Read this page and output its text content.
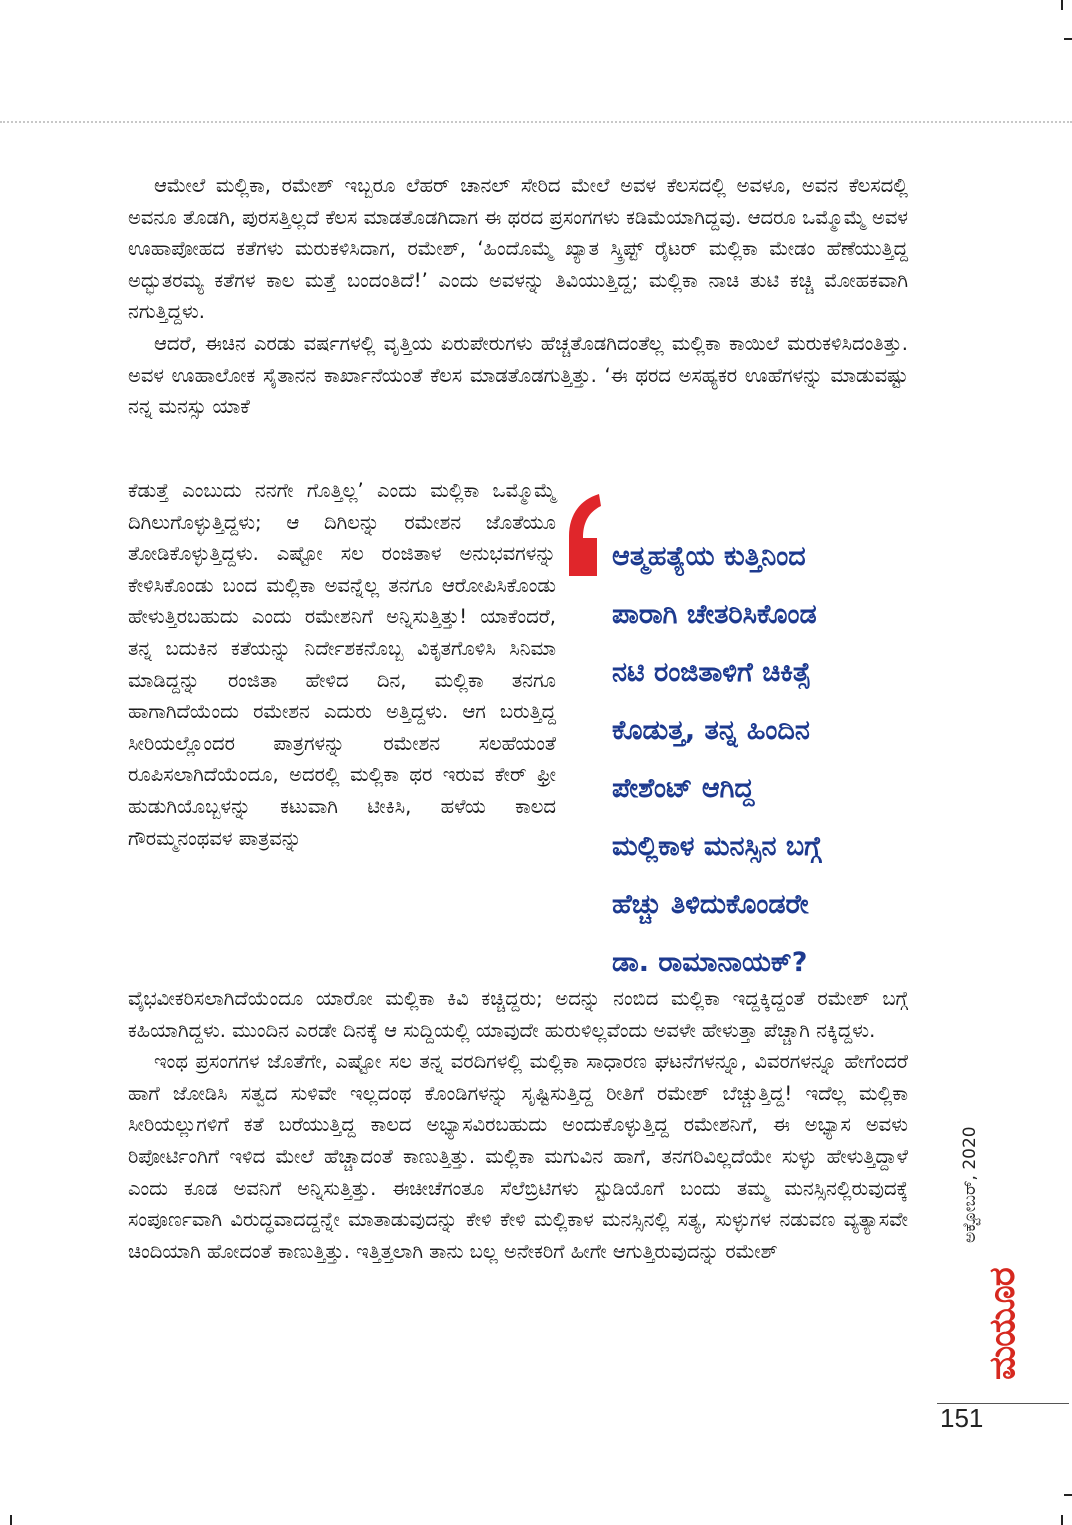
ಆಮೇಲೆ ಮಲ್ಲಿಕಾ, ರಮೇಶ್ ಇಬ್ಬರೂ ಲೆಹರ್ ಚಾನಲ್ ಸೇರಿದ ಮೇಲೆ ಅವಳ ಕೆಲಸದಲ್ಲಿ ಅವಳೂ, ಅವನ ಕೆಲಸದಲ್ಲಿ ಅವನೂ ತೊಡಗಿ, ಪುರಸತ್ತಿಲ್ಲದೆ ಕೆಲಸ ಮಾಡತೊಡಗಿದಾಗ ಈ ಥರದ ಪ್ರಸಂಗಗಳು ಕಡಿಮೆಯಾಗಿದ್ದವು. ಆದರೂ ಒಮ್ಮೊಮ್ಮೆ ಅವಳ ಊಹಾಪೋಹದ ಕತೆಗಳು ಮರುಕಳಿಸಿದಾಗ, ರಮೇಶ್, ‘ಹಿಂದೊಮ್ಮೆ ಖ್ಯಾತ ಸ್ಕ್ರಿಪ್ಟ್ ರೈಟರ್ ಮಲ್ಲಿಕಾ ಮೇಡಂ ಹೆಣೆಯುತ್ತಿದ್ದ ಅದ್ಭುತರಮ್ಯ ಕತೆಗಳ ಕಾಲ ಮತ್ತೆ ಬಂದಂತಿದೆ!’ ಎಂದು ಅವಳನ್ನು ತಿವಿಯುತ್ತಿದ್ದ; ಮಲ್ಲಿಕಾ ನಾಚಿ ತುಟಿ ಕಚ್ಚಿ ಮೋಹಕವಾಗಿ ನಗುತ್ತಿದ್ದಳು.

ಆದರೆ, ಈಚಿನ ಎರಡು ವರ್ಷಗಳಲ್ಲಿ ವೃತ್ತಿಯ ಏರುಪೇರುಗಳು ಹೆಚ್ಚತೊಡಗಿದಂತೆಲ್ಲ ಮಲ್ಲಿಕಾ ಕಾಯಿಲೆ ಮರುಕಳಿಸಿದಂತಿತ್ತು. ಅವಳ ಊಹಾಲೋಕ ಸೈತಾನನ ಕಾರ್ಖಾನೆಯಂತೆ ಕೆಲಸ ಮಾಡತೊಡಗುತ್ತಿತ್ತು. ‘ಈ ಥರದ ಅಸಹ್ಯಕರ ಊಹೆಗಳನ್ನು ಮಾಡುವಷ್ಟು ನನ್ನ ಮನಸ್ಸು ಯಾಕೆ

ಕೆಡುತ್ತೆ ಎಂಬುದು ನನಗೇ ಗೊತ್ತಿಲ್ಲ’ ಎಂದು ಮಲ್ಲಿಕಾ ಒಮ್ಮೊಮ್ಮೆ ದಿಗಿಲುಗೊಳ್ಳುತ್ತಿದ್ದಳು; ಆ ದಿಗಿಲನ್ನು ರಮೇಶನ ಜೊತೆಯೂ ತೋಡಿಕೊಳ್ಳುತ್ತಿದ್ದಳು. ಎಷ್ಟೋ ಸಲ ರಂಜಿತಾಳ ಅನುಭವಗಳನ್ನು ಕೇಳಿಸಿಕೊಂಡು ಬಂದ ಮಲ್ಲಿಕಾ ಅವನ್ನೆಲ್ಲ ತನಗೂ ಆರೋಪಿಸಿಕೊಂಡು ಹೇಳುತ್ತಿರಬಹುದು ಎಂದು ರಮೇಶನಿಗೆ ಅನ್ನಿಸುತ್ತಿತ್ತು! ಯಾಕೆಂದರೆ, ತನ್ನ ಬದುಕಿನ ಕತೆಯನ್ನು ನಿರ್ದೇಶಕನೊಬ್ಬ ವಿಕೃತಗೊಳಿಸಿ ಸಿನಿಮಾ ಮಾಡಿದ್ದನ್ನು ರಂಜಿತಾ ಹೇಳಿದ ದಿನ, ಮಲ್ಲಿಕಾ ತನಗೂ ಹಾಗಾಗಿದೆಯೆಂದು ರಮೇಶನ ಎದುರು ಅತ್ತಿದ್ದಳು. ಆಗ ಬರುತ್ತಿದ್ದ ಸೀರಿಯಲ್ಲೊಂದರ ಪಾತ್ರಗಳನ್ನು ರಮೇಶನ ಸಲಹೆಯಂತೆ ರೂಪಿಸಲಾಗಿದೆಯೆಂದೂ, ಅದರಲ್ಲಿ ಮಲ್ಲಿಕಾ ಥರ ಇರುವ ಕೇರ್ ಫ್ರೀ ಹುಡುಗಿಯೊಬ್ಬಳನ್ನು ಕಟುವಾಗಿ ಟೀಕಿಸಿ, ಹಳೆಯ ಕಾಲದ ಗೌರಮ್ಮನಂಥವಳ ಪಾತ್ರವನ್ನು

ಆತ್ಮಹತ್ಯೆಯ ಕುತ್ತಿನಿಂದ
ಪಾರಾಗಿ ಚೇತರಿಸಿಕೊಂಡ
ನಟಿ ರಂಜಿತಾಳಿಗೆ ಚಿಕಿತ್ಸೆ
ಕೊಡುತ್ತ, ತನ್ನ ಹಿಂದಿನ
ಪೇಶೆಂಟ್ ಆಗಿದ್ದ
ಮಲ್ಲಿಕಾಳ ಮನಸ್ಸಿನ ಬಗ್ಗೆ
ಹೆಚ್ಚು ತಿಳಿದುಕೊಂಡರೇ
ಡಾ. ರಾಮಾನಾಯಕ್?

ವೈಭವೀಕರಿಸಲಾಗಿದೆಯೆಂದೂ ಯಾರೋ ಮಲ್ಲಿಕಾ ಕಿವಿ ಕಚ್ಚಿದ್ದರು; ಅದನ್ನು ನಂಬಿದ ಮಲ್ಲಿಕಾ ಇದ್ದಕ್ಕಿದ್ದಂತೆ ರಮೇಶ್ ಬಗ್ಗೆ ಕಹಿಯಾಗಿದ್ದಳು. ಮುಂದಿನ ಎರಡೇ ದಿನಕ್ಕೆ ಆ ಸುದ್ದಿಯಲ್ಲಿ ಯಾವುದೇ ಹುರುಳಿಲ್ಲವೆಂದು ಅವಳೇ ಹೇಳುತ್ತಾ ಪೆಚ್ಚಾಗಿ ನಕ್ಕಿದ್ದಳು.

ಇಂಥ ಪ್ರಸಂಗಗಳ ಜೊತೆಗೇ, ಎಷ್ಟೋ ಸಲ ತನ್ನ ವರದಿಗಳಲ್ಲಿ ಮಲ್ಲಿಕಾ ಸಾಧಾರಣ ಘಟನೆಗಳನ್ನೂ, ವಿವರಗಳನ್ನೂ ಹೇಗೆಂದರೆ ಹಾಗೆ ಜೋಡಿಸಿ ಸತ್ವದ ಸುಳಿವೇ ಇಲ್ಲದಂಥ ಕೊಂಡಿಗಳನ್ನು ಸೃಷ್ಟಿಸುತ್ತಿದ್ದ ರೀತಿಗೆ ರಮೇಶ್ ಬೆಚ್ಚುತ್ತಿದ್ದ! ಇದೆಲ್ಲ ಮಲ್ಲಿಕಾ ಸೀರಿಯಲ್ಲುಗಳಿಗೆ ಕತೆ ಬರೆಯುತ್ತಿದ್ದ ಕಾಲದ ಅಭ್ಯಾಸವಿರಬಹುದು ಅಂದುಕೊಳ್ಳುತ್ತಿದ್ದ ರಮೇಶನಿಗೆ, ಈ ಅಭ್ಯಾಸ ಅವಳು ರಿಪೋರ್ಟಿಂಗಿಗೆ ಇಳಿದ ಮೇಲೆ ಹೆಚ್ಚಾದಂತೆ ಕಾಣುತ್ತಿತ್ತು. ಮಲ್ಲಿಕಾ ಮಗುವಿನ ಹಾಗೆ, ತನಗರಿವಿಲ್ಲದೆಯೇ ಸುಳ್ಳು ಹೇಳುತ್ತಿದ್ದಾಳೆ ಎಂದು ಕೂಡ ಅವನಿಗೆ ಅನ್ನಿಸುತ್ತಿತ್ತು. ಈಚೀಚೆಗಂತೂ ಸೆಲೆಬ್ರಿಟಿಗಳು ಸ್ಟುಡಿಯೊಗೆ ಬಂದು ತಮ್ಮ ಮನಸ್ಸಿನಲ್ಲಿರುವುದಕ್ಕೆ ಸಂಪೂರ್ಣವಾಗಿ ವಿರುದ್ಧವಾದದ್ದನ್ನೇ ಮಾತಾಡುವುದನ್ನು ಕೇಳಿ ಕೇಳಿ ಮಲ್ಲಿಕಾಳ ಮನಸ್ಸಿನಲ್ಲಿ ಸತ್ಯ, ಸುಳ್ಳುಗಳ ನಡುವಣ ವ್ಯತ್ಯಾಸವೇ ಚಿಂದಿಯಾಗಿ ಹೋದಂತೆ ಕಾಣುತ್ತಿತ್ತು. ಇತ್ತಿತ್ತಲಾಗಿ ತಾನು ಬಲ್ಲ ಅನೇಕರಿಗೆ ಹೀಗೇ ಆಗುತ್ತಿರುವುದನ್ನು ರಮೇಶ್

ಅಕ್ಟೋಬರ್, 2020
ಮಯೂರ
151
